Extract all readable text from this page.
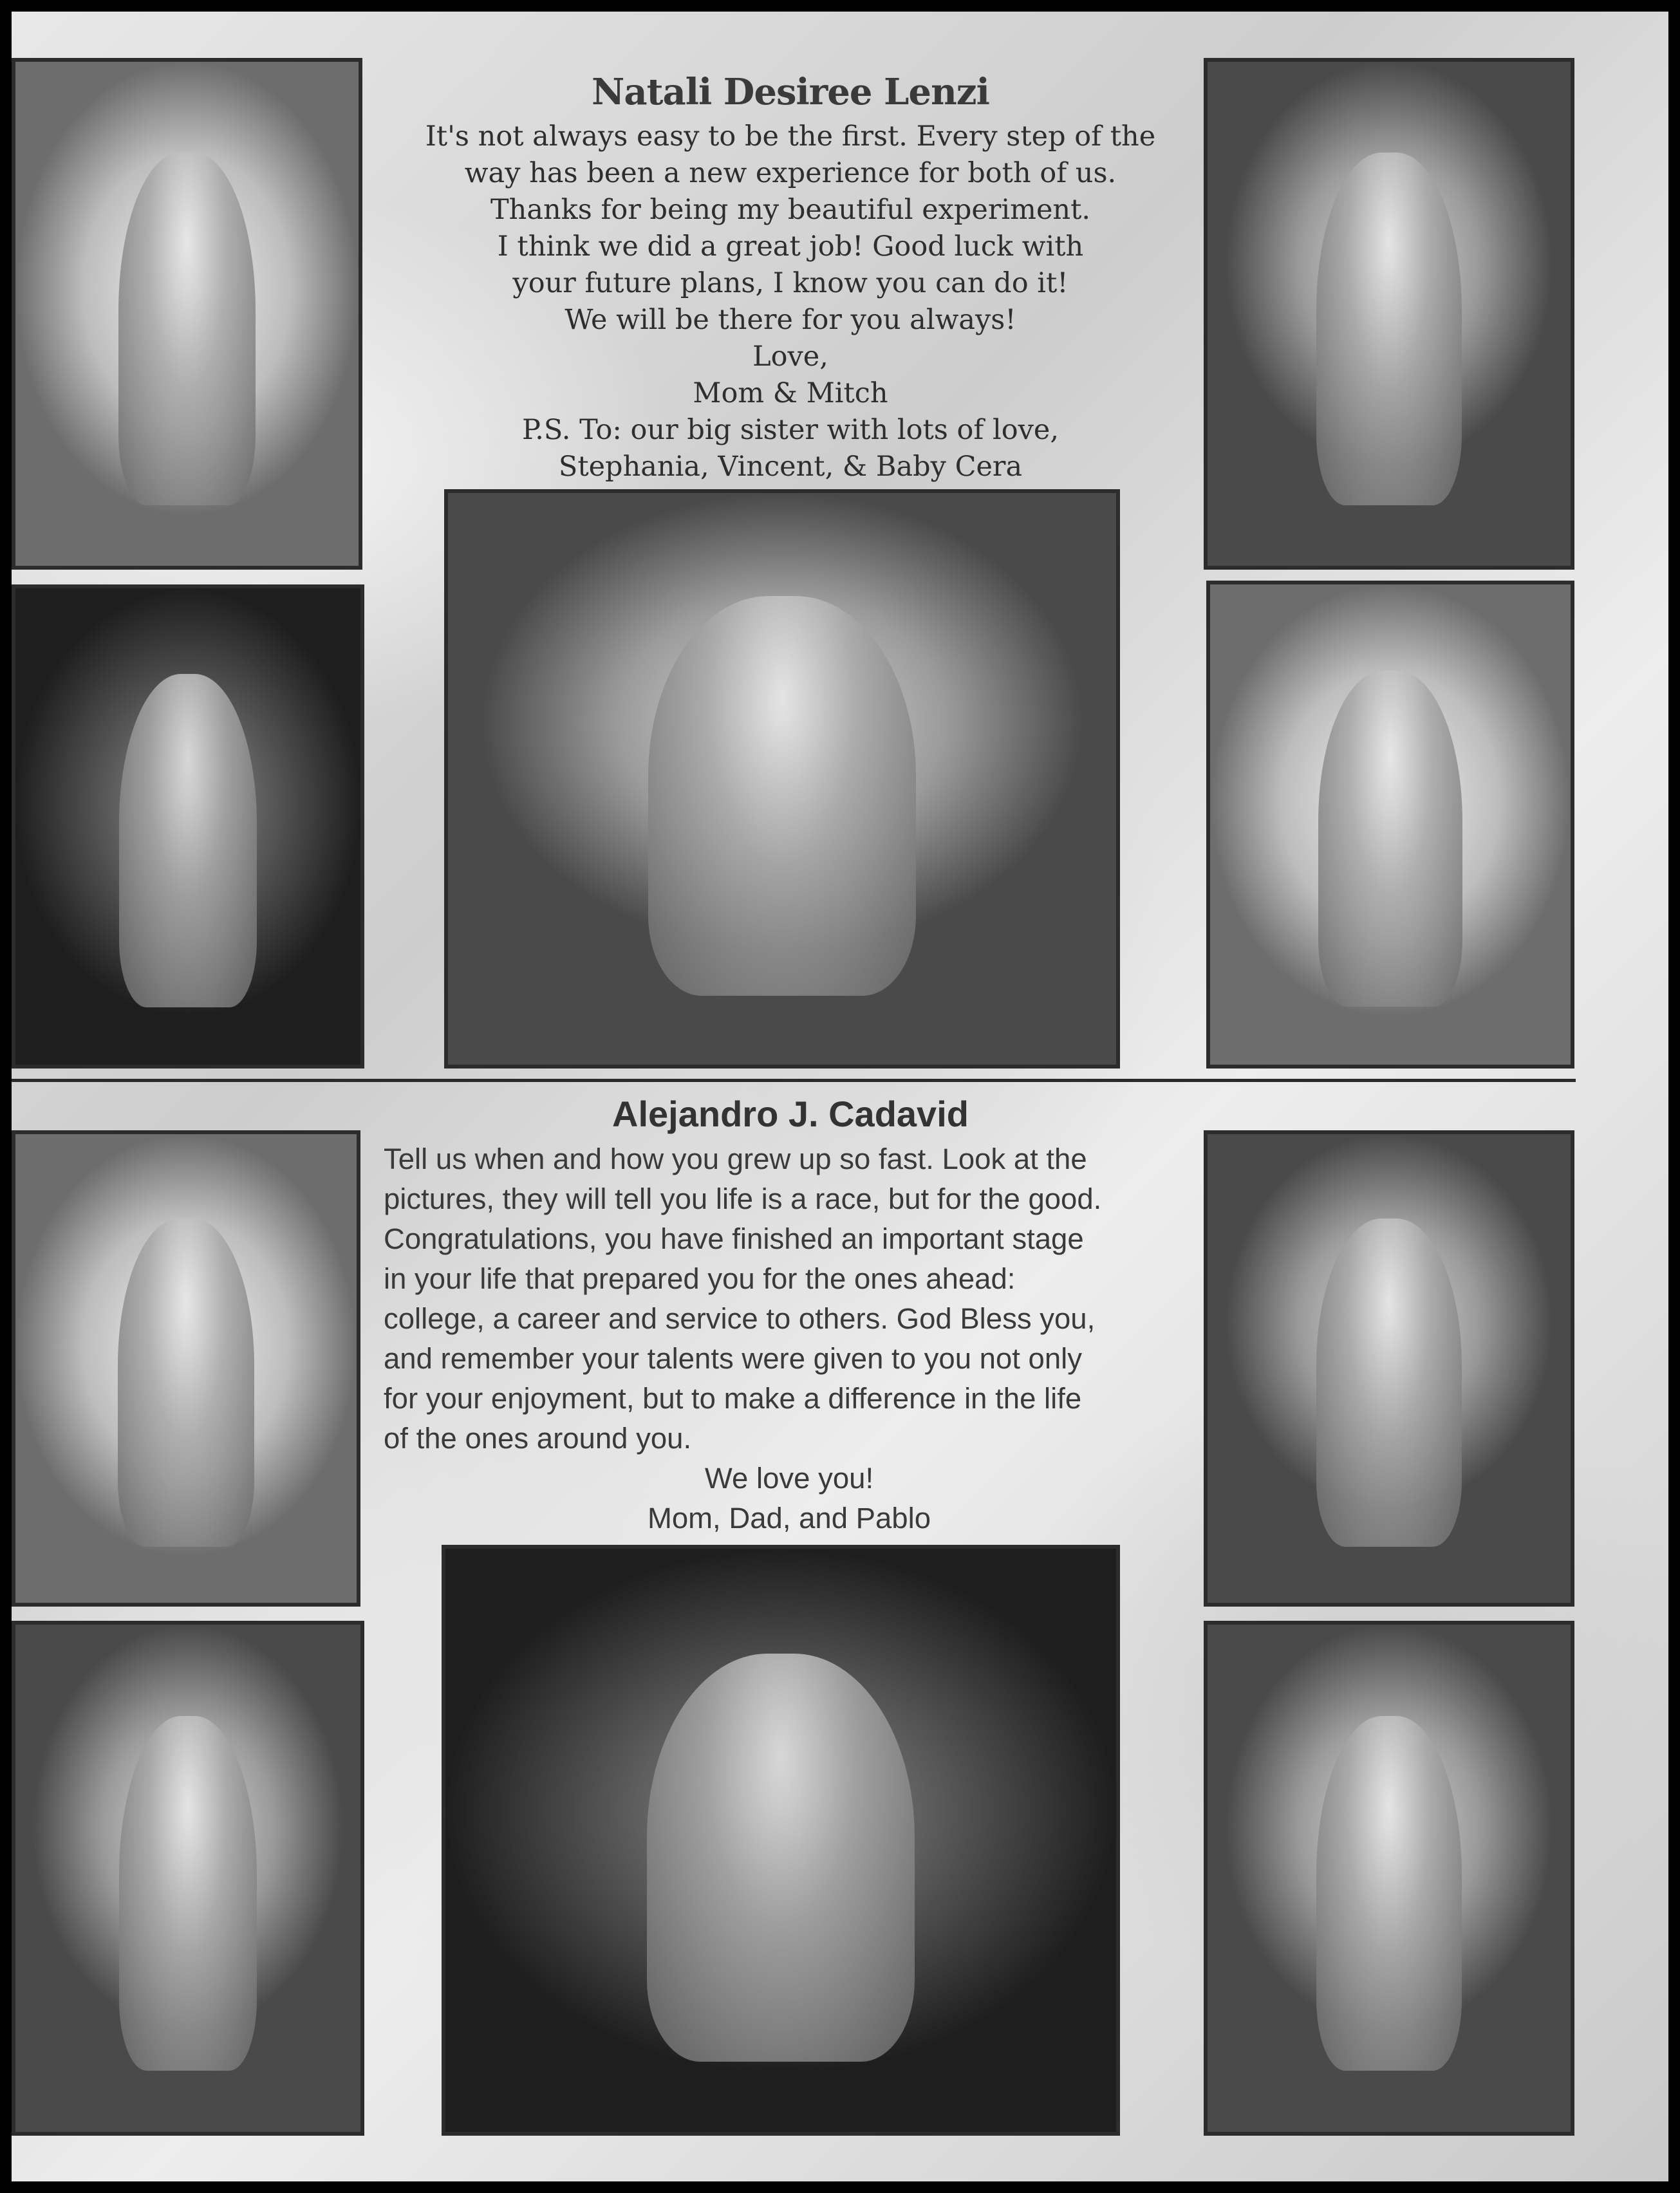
Natali Desiree Lenzi
It's not always easy to be the first. Every step of the
way has been a new experience for both of us.
Thanks for being my beautiful experiment.
I think we did a great job! Good luck with
your future plans, I know you can do it!
We will be there for you always!
Love,
Mom & Mitch
P.S. To: our big sister with lots of love,
Stephania, Vincent, & Baby Cera
Alejandro J. Cadavid
Tell us when and how you grew up so fast. Look at the
pictures, they will tell you life is a race, but for the good.
Congratulations, you have finished an important stage
in your life that prepared you for the ones ahead:
college, a career and service to others. God Bless you,
and remember your talents were given to you not only
for your enjoyment, but to make a difference in the life
of the ones around you.
We love you!
Mom, Dad, and Pablo
